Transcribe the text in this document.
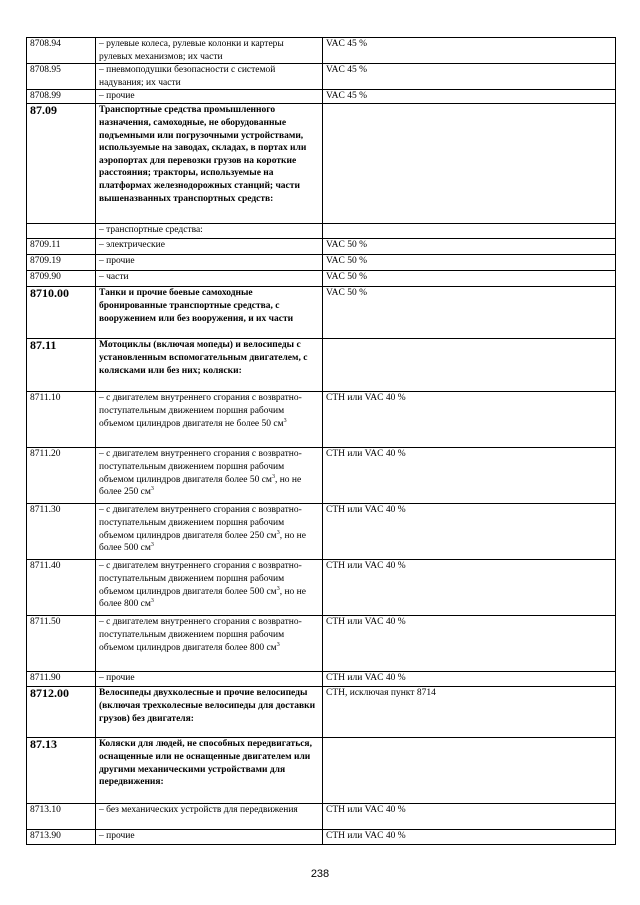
8708.94	– рулевые колеса, рулевые колонки и картеры рулевых механизмов; их части	VAC 45 %
8708.95	– пневмоподушки безопасности с системой надувания; их части	VAC 45 %
8708.99	– прочие	VAC 45 %
87.09	Транспортные средства промышленного назначения, самоходные, не оборудованные подъемными или погрузочными устройствами, используемые на заводах, складах, в портах или аэропортах для перевозки грузов на короткие расстояния; тракторы, используемые на платформах железнодорожных станций; части вышеназванных транспортных средств:	
	– транспортные средства:	
8709.11	– электрические	VAC 50 %
8709.19	– прочие	VAC 50 %
8709.90	– части	VAC 50 %
8710.00	Танки и прочие боевые самоходные бронированные транспортные средства, с вооружением или без вооружения, и их части	VAC 50 %
87.11	Мотоциклы (включая мопеды) и велосипеды с установленным вспомогательным двигателем, с колясками или без них; коляски:	
8711.10	– с двигателем внутреннего сгорания с возвратно-поступательным движением поршня рабочим объемом цилиндров двигателя не более 50 $см^3$	СТН или VAC 40 %
8711.20	– с двигателем внутреннего сгорания с возвратно-поступательным движением поршня рабочим объемом цилиндров двигателя более 50 $см^3$, но не более 250 $см^3$	СТН или VAC 40 %
8711.30	– с двигателем внутреннего сгорания с возвратно-поступательным движением поршня рабочим объемом цилиндров двигателя более 250 $см^3$, но не более 500 $см^3$	СТН или VAC 40 %
8711.40	– с двигателем внутреннего сгорания с возвратно-поступательным движением поршня рабочим объемом цилиндров двигателя более 500 $см^3$, но не более 800 $см^3$	СТН или VAC 40 %
8711.50	– с двигателем внутреннего сгорания с возвратно-поступательным движением поршня рабочим объемом цилиндров двигателя более 800 $см^3$	СТН или VAC 40 %
8711.90	– прочие	СТН или VAC 40 %
8712.00	Велосипеды двухколесные и прочие велосипеды (включая трехколесные велосипеды для доставки грузов) без двигателя:	СТН, исключая пункт 8714
87.13	Коляски для людей, не способных передвигаться, оснащенные или не оснащенные двигателем или другими механическими устройствами для передвижения:	
8713.10	– без механических устройств для передвижения	СТН или VAC 40 %
8713.90	– прочие	СТН или VAC 40 %
238
